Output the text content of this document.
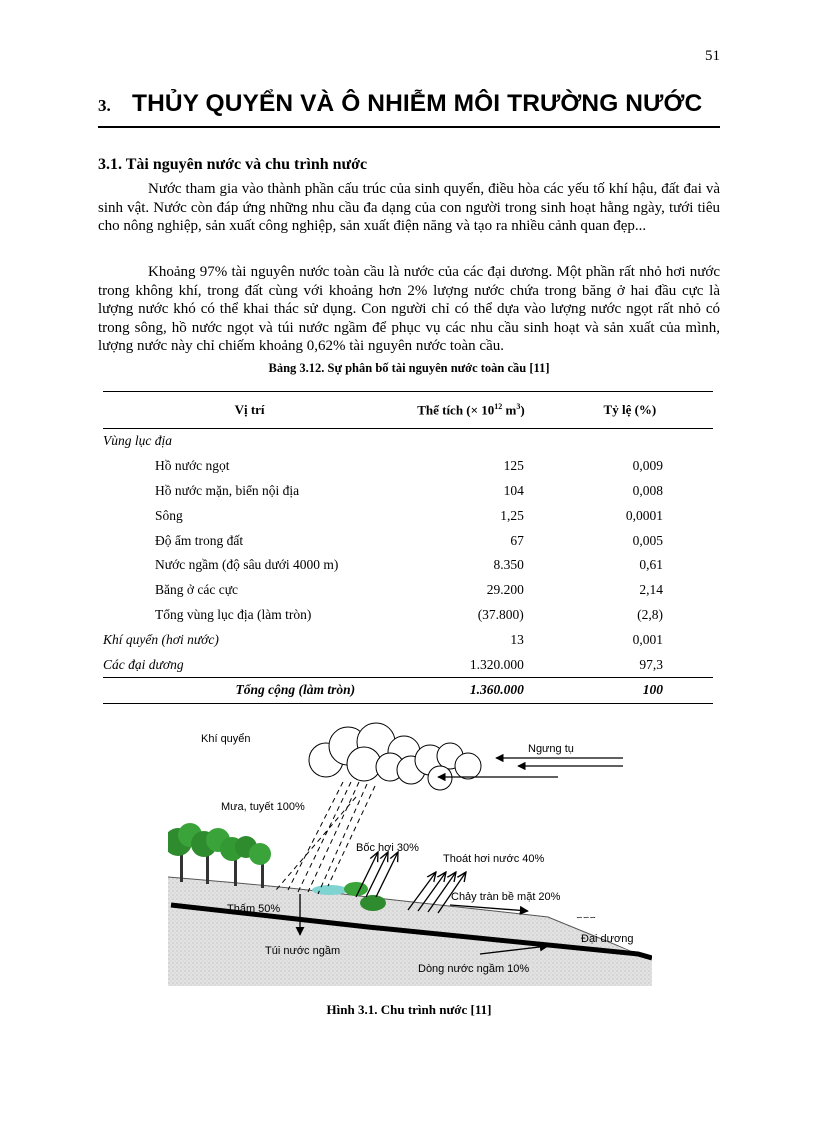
51
3. THỦY QUYỂN VÀ Ô NHIỄM MÔI TRƯỜNG NƯỚC
3.1. Tài nguyên nước và chu trình nước

Nước tham gia vào thành phần cấu trúc của sinh quyển, điều hòa các yếu tố khí hậu, đất đai và sinh vật. Nước còn đáp ứng những nhu cầu đa dạng của con người trong sinh hoạt hằng ngày, tưới tiêu cho nông nghiệp, sản xuất công nghiệp, sản xuất điện năng và tạo ra nhiều cảnh quan đẹp...

Khoảng 97% tài nguyên nước toàn cầu là nước của các đại dương. Một phần rất nhỏ hơi nước trong không khí, trong đất cùng với khoảng hơn 2% lượng nước chứa trong băng ở hai đầu cực là lượng nước khó có thể khai thác sử dụng. Con người chỉ có thể dựa vào lượng nước ngọt rất nhỏ có trong sông, hồ nước ngọt và túi nước ngầm để phục vụ các nhu cầu sinh hoạt và sản xuất của mình, lượng nước này chỉ chiếm khoảng 0,62% tài nguyên nước toàn cầu.

Bảng 3.12. Sự phân bố tài nguyên nước toàn cầu [11]
Vị trí	Thể tích (× $10^{12}$ $m^3$)	Tỷ lệ (%)
Vùng lục địa		
Hồ nước ngọt	125	0,009
Hồ nước mặn, biển nội địa	104	0,008
Sông	1,25	0,0001
Độ ẩm trong đất	67	0,005
Nước ngầm (độ sâu dưới 4000 m)	8.350	0,61
Băng ở các cực	29.200	2,14
Tổng vùng lục địa (làm tròn)	(37.800)	(2,8)
Khí quyển (hơi nước)	13	0,001
Các đại dương	1.320.000	97,3
Tổng cộng (làm tròn)	1.360.000	100
∽∽∽
Khí quyển
Ngưng tụ
Mưa, tuyết 100%
Bốc hơi 30%
Thoát hơi nước 40%
Chảy tràn bề mặt 20%
Thấm 50%
Đại dương
Túi nước ngầm
Dòng nước ngầm 10%
Hình 3.1. Chu trình nước [11]
